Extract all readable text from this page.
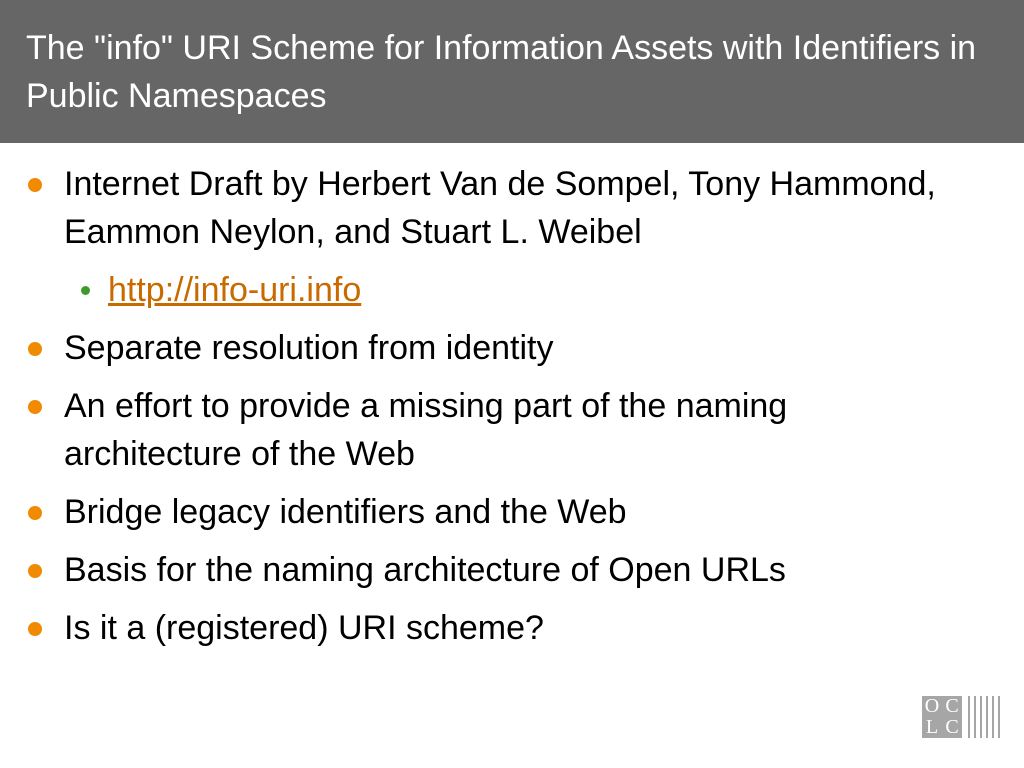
The "info" URI Scheme for Information Assets with Identifiers in Public Namespaces
Internet Draft by Herbert Van de Sompel, Tony Hammond, Eammon Neylon, and Stuart L. Weibel
http://info-uri.info
Separate resolution from identity
An effort to provide a missing part of the naming architecture of the Web
Bridge legacy identifiers and the Web
Basis for the naming architecture of Open URLs
Is it a (registered) URI scheme?
O C
L C
